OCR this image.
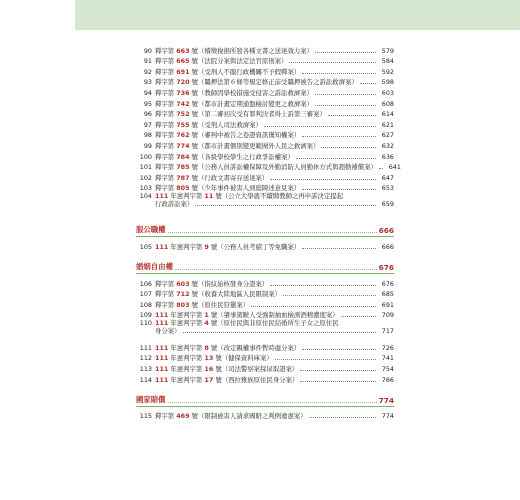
90 釋字第 663 號（稽徵稅捐所發各種文書之送達效力案）	579
91 釋字第 665 號（法院分案與法定法官原則案）	584
92 釋字第 691 號（受刑人不服行政機關不予假釋案）	592
93 釋字第 720 號（羈押法第６條等規定修正前受羈押被告之訴訟救濟案）	598
94 釋字第 736 號（教師因學校措施受侵害之訴訟救濟案）	603
95 釋字第 742 號（都市計畫定期通盤檢討變更之救濟案）	608
96 釋字第 752 號（第二審初次受有罪判決者得上訴第三審案）	614
97 釋字第 755 號（受刑人司法救濟案）	621
98 釋字第 762 號（審判中被告之卷證資訊獲知權案）	627
99 釋字第 774 號（都市計畫個別變更範圍外人民之救濟案）	632
100 釋字第 784 號（各級學校學生之行政爭訟權案）	636
101 釋字第 785 號（公務人員訴訟權保障及外勤消防人員勤休方式與超勤補償案）	641
102 釋字第 787 號（行政文書寄存送達案）	647
103 釋字第 805 號（少年事件被害人到庭陳述意見案）	653
104 111 年憲判字第 11 號（公立大學就不續聘教師之再申訴決定提起
行政訴訟案）	659
服公職權	666
105 111 年憲判字第 9 號（公務人員考績丁等免職案）	666
婚姻自由權	676
106 釋字第 603 號（指紋始核發身分證案）	676
107 釋字第 712 號（收養大陸地區人民限制案）	685
108 釋字第 803 號（原住民狩獵案）	691
109 111 年憲判字第 1 號（肇事駕駛人受強制抽血檢測酒精濃度案）	709
110 111 年憲判字第 4 號（原住民與非原住民結婚所生子女之原住民
身分案）	717
111 111 年憲判字第 8 號（改定親權事件暫時處分案）	726
112 111 年憲判字第 13 號（健保資料庫案）	741
113 111 年憲判字第 16 號（司法警察案採尿取證案）	754
114 111 年憲判字第 17 號（西拉雅族原住民身分案）	766
國家賠償	774
115 釋字第 469 號（限制被害人請求國賠之判例違憲案）	774
